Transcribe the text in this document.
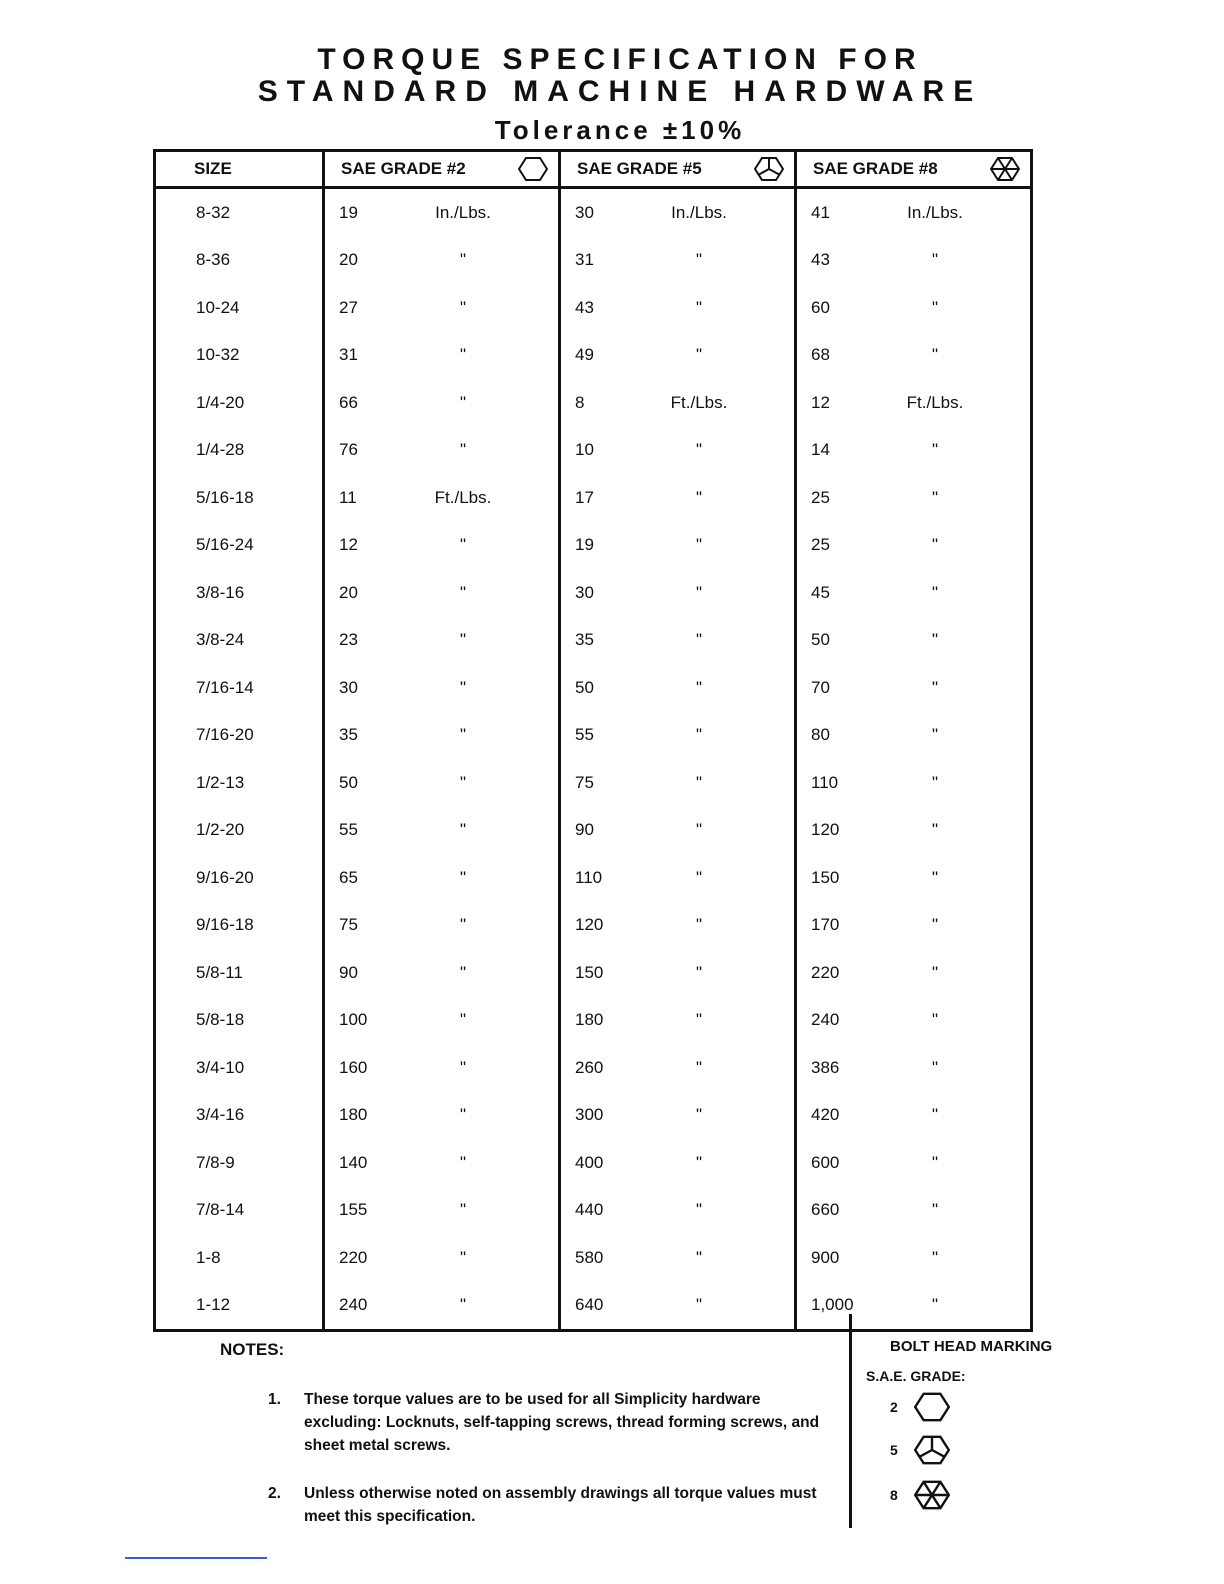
TORQUE SPECIFICATION FOR
STANDARD MACHINE HARDWARE
Tolerance ±10%
SIZE	SAE GRADE #2	SAE GRADE #5	SAE GRADE #8

8-32	19 In./Lbs.	30 In./Lbs.	41 In./Lbs.

8-36	20 "	31 "	43 "

10-24	27 "	43 "	60 "

10-32	31 "	49 "	68 "

1/4-20	66 "	8 Ft./Lbs.	12 Ft./Lbs.

1/4-28	76 "	10 "	14 "

5/16-18	11 Ft./Lbs.	17 "	25 "

5/16-24	12 "	19 "	25 "

3/8-16	20 "	30 "	45 "

3/8-24	23 "	35 "	50 "

7/16-14	30 "	50 "	70 "

7/16-20	35 "	55 "	80 "

1/2-13	50 "	75 "	110 "

1/2-20	55 "	90 "	120 "

9/16-20	65 "	110 "	150 "

9/16-18	75 "	120 "	170 "

5/8-11	90 "	150 "	220 "

5/8-18	100 "	180 "	240 "

3/4-10	160 "	260 "	386 "

3/4-16	180 "	300 "	420 "

7/8-9	140 "	400 "	600 "

7/8-14	155 "	440 "	660 "

1-8	220 "	580 "	900 "

1-12	240 "	640 "	1,000 "
NOTES:
1.	These torque values are to be used for all Simplicity hardware excluding: Locknuts, self-tapping screws, thread forming screws, and sheet metal screws.
2.	Unless otherwise noted on assembly drawings all torque values must meet this specification.
BOLT HEAD MARKING
S.A.E. GRADE:
2
5
8
